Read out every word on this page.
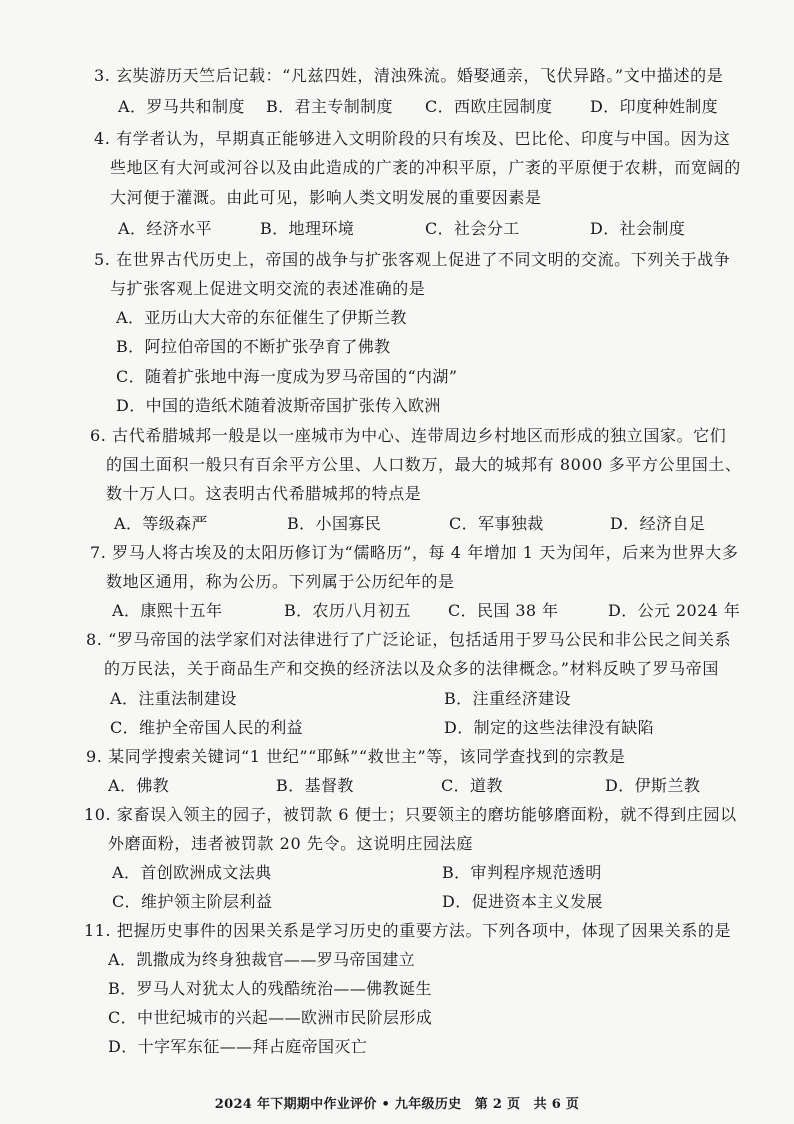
3. 玄奘游历天竺后记载：“凡兹四姓，清浊殊流。婚娶通亲，飞伏异路。”文中描述的是
A．罗马共和制度 B．君主专制制度 C．西欧庄园制度 D．印度种姓制度
4. 有学者认为，早期真正能够进入文明阶段的只有埃及、巴比伦、印度与中国。因为这
些地区有大河或河谷以及由此造成的广袤的冲积平原，广袤的平原便于农耕，而宽阔的
大河便于灌溉。由此可见，影响人类文明发展的重要因素是
A．经济水平	B．地理环境	C．社会分工	D．社会制度
5. 在世界古代历史上，帝国的战争与扩张客观上促进了不同文明的交流。下列关于战争
与扩张客观上促进文明交流的表述准确的是
A．亚历山大大帝的东征催生了伊斯兰教
B．阿拉伯帝国的不断扩张孕育了佛教
C．随着扩张地中海一度成为罗马帝国的“内湖”
D．中国的造纸术随着波斯帝国扩张传入欧洲
6. 古代希腊城邦一般是以一座城市为中心、连带周边乡村地区而形成的独立国家。它们
的国土面积一般只有百余平方公里、人口数万，最大的城邦有 8000 多平方公里国土、
数十万人口。这表明古代希腊城邦的特点是
A．等级森严	B．小国寡民	C．军事独裁	D．经济自足
7. 罗马人将古埃及的太阳历修订为“儒略历”，每 4 年增加 1 天为闰年，后来为世界大多
数地区通用，称为公历。下列属于公历纪年的是
A．康熙十五年	B．农历八月初五 C．民国 38 年	D．公元 2024 年
8. “罗马帝国的法学家们对法律进行了广泛论证，包括适用于罗马公民和非公民之间关系
的万民法，关于商品生产和交换的经济法以及众多的法律概念。”材料反映了罗马帝国
A．注重法制建设	B．注重经济建设
C．维护全帝国人民的利益	D．制定的这些法律没有缺陷
9. 某同学搜索关键词“1 世纪”“耶稣”“救世主”等，该同学查找到的宗教是
A．佛教	B．基督教	C．道教	D．伊斯兰教
10. 家畜误入领主的园子，被罚款 6 便士；只要领主的磨坊能够磨面粉，就不得到庄园以
外磨面粉，违者被罚款 20 先令。这说明庄园法庭
A．首创欧洲成文法典	B．审判程序规范透明
C．维护领主阶层利益	D．促进资本主义发展
11. 把握历史事件的因果关系是学习历史的重要方法。下列各项中，体现了因果关系的是
A．凯撒成为终身独裁官——罗马帝国建立
B．罗马人对犹太人的残酷统治——佛教诞生
C．中世纪城市的兴起——欧洲市民阶层形成
D．十字军东征——拜占庭帝国灭亡
2024 年下期期中作业评价 • 九年级历史　第 2 页　共 6 页
